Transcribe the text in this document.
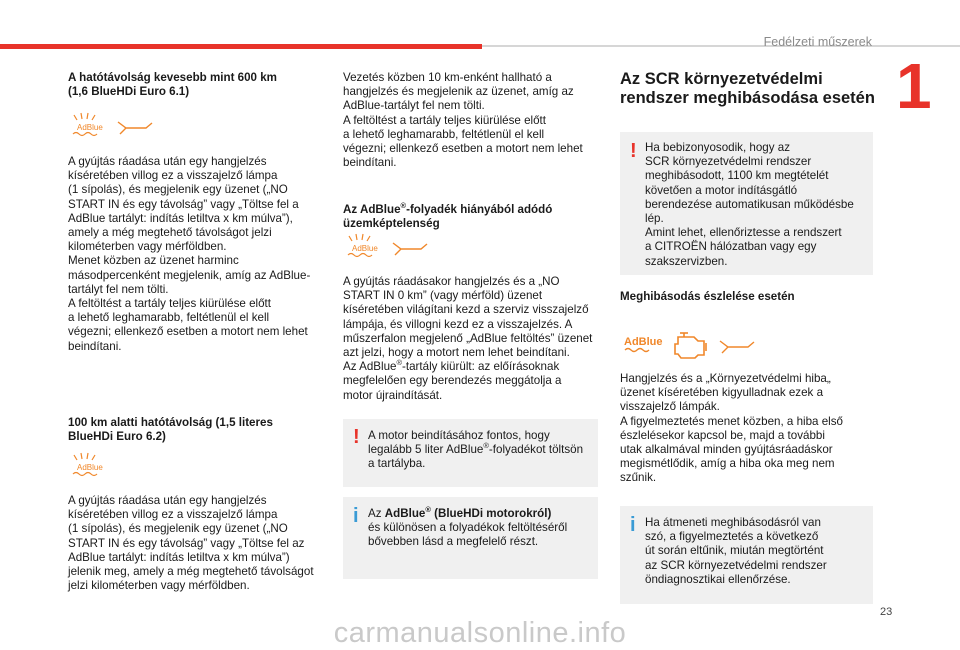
Fedélzeti műszerek
1
A hatótávolság kevesebb mint 600 km
(1,6 BlueHDi Euro 6.1)
AdBlue
A gyújtás ráadása után egy hangjelzés
kíséretében villog ez a visszajelző lámpa
(1 sípolás), és megjelenik egy üzenet („NO
START IN és egy távolság” vagy „Töltse fel a
AdBlue tartályt: indítás letiltva x km múlva”),
amely a még megtehető távolságot jelzi
kilométerben vagy mérföldben.
Menet közben az üzenet harminc
másodpercenként megjelenik, amíg az AdBlue-
tartályt fel nem tölti.
A feltöltést a tartály teljes kiürülése előtt
a lehető leghamarabb, feltétlenül el kell
végezni; ellenkező esetben a motort nem lehet
beindítani.
100 km alatti hatótávolság (1,5 literes
BlueHDi Euro 6.2)
AdBlue
A gyújtás ráadása után egy hangjelzés
kíséretében villog ez a visszajelző lámpa
(1 sípolás), és megjelenik egy üzenet („NO
START IN és egy távolság” vagy „Töltse fel az
AdBlue tartályt: indítás letiltva x km múlva”)
jelenik meg, amely a még megtehető távolságot
jelzi kilométerben vagy mérföldben.
Vezetés közben 10 km-enként hallható a
hangjelzés és megjelenik az üzenet, amíg az
AdBlue-tartályt fel nem tölti.
A feltöltést a tartály teljes kiürülése előtt
a lehető leghamarabb, feltétlenül el kell
végezni; ellenkező esetben a motort nem lehet
beindítani.
Az AdBlue®-folyadék hiányából adódó
üzemképtelenség
AdBlue
A gyújtás ráadásakor hangjelzés és a „NO
START IN 0 km” (vagy mérföld) üzenet
kíséretében világítani kezd a szerviz visszajelző
lámpája, és villogni kezd ez a visszajelzés. A
műszerfalon megjelenő „AdBlue feltöltés” üzenet
azt jelzi, hogy a motort nem lehet beindítani.
Az AdBlue®-tartály kiürült: az előírásoknak
megfelelően egy berendezés meggátolja a
motor újraindítását.
! A motor beindításához fontos, hogy
legalább 5 liter AdBlue®-folyadékot töltsön
a tartályba.
i Az AdBlue® (BlueHDi motorokról)
és különösen a folyadékok feltöltéséről
bővebben lásd a megfelelő részt.
Az SCR környezetvédelmi
rendszer meghibásodása esetén
! Ha bebizonyosodik, hogy az
SCR környezetvédelmi rendszer
meghibásodott, 1100 km megtételét
követően a motor indításgátló
berendezése automatikusan működésbe
lép.
Amint lehet, ellenőriztesse a rendszert
a CITROËN hálózatban vagy egy
szakszervizben.
Meghibásodás észlelése esetén
AdBlue
Hangjelzés és a „Környezetvédelmi hiba„
üzenet kíséretében kigyulladnak ezek a
visszajelző lámpák.
A figyelmeztetés menet közben, a hiba első
észlelésekor kapcsol be, majd a további
utak alkalmával minden gyújtásráadáskor
megismétlődik, amíg a hiba oka meg nem
szűnik.
i Ha átmeneti meghibásodásról van
szó, a figyelmeztetés a következő
út során eltűnik, miután megtörtént
az SCR környezetvédelmi rendszer
öndiagnosztikai ellenőrzése.
23
carmanualsonline.info
